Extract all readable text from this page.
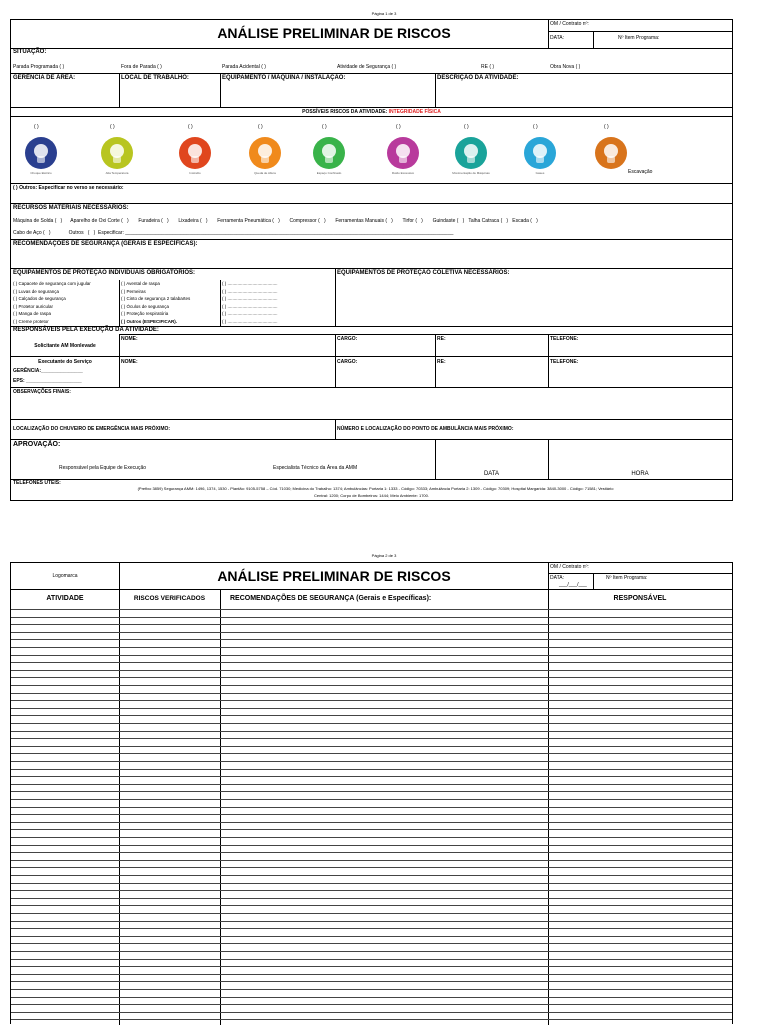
Página 1 de 3
ANÁLISE PRELIMINAR DE RISCOS
OM / Contrato nº:
DATA:	Nº Item Programa:
SITUAÇÃO:
Parada Programada ( )	Fora de Parada ( )	Parada Acidental ( )	Atividade de Segurança ( )	RE ( )	Obra Nova ( )
GERÊNCIA DE ÁREA:	LOCAL DE TRABALHO:	EQUIPAMENTO / MÁQUINA / INSTALAÇÃO:	DESCRIÇÃO DA ATIVIDADE:
POSSÍVEIS RISCOS DA ATIVIDADE: INTEGRIDADE FÍSICA
( )
Choque Elétrico
( )
Alta Temperatura
( )
Incêndio
( )
Queda de Altura
( )
Espaço Confinado
( )
Ruído Excessivo
( )
Movimentação de Máquinas
( )
Gases
( )
Escavação
( ) Outros: Especificar no verso se necessário:
RECURSOS MATERIAIS NECESSÁRIOS:
Máquina de Solda (   )      Aparelho de Oxi Corte (   )       Furadeira (   )       Lixadeira (   )       Ferramenta Pneumática (   )       Compressor (   )       Ferramentas Manuais (   )       Tirfor (   )       Guindaste (   )   Talha Catraca (   )   Escada (   )
Cabo de Aço (   )             Outros   (   )  Especificar: ______________________________________________________________________________________________________________________
RECOMENDAÇÕES DE SEGURANÇA (GERAIS E ESPECÍFICAS):
EQUIPAMENTOS DE PROTEÇÃO INDIVIDUAIS OBRIGATÓRIOS:	EQUIPAMENTOS DE PROTEÇÃO COLETIVA NECESSÁRIOS:
( ) Capacete de segurança com jugular
( ) Luvas de segurança
( ) Calçados de segurança
( ) Protetor auricular
( ) Manga de raspa
( ) Creme protetor
( ) Avental de raspa
( ) Perneiras
( ) Cinto de segurança 2 talabartes
( ) Óculos de segurança
( ) Proteção respiratória
( ) Outros (ESPECIFICAR).
( ) ........................................
( ) ........................................
( ) ........................................
( ) ........................................
( ) ........................................
( ) ........................................
RESPONSÁVEIS PELA EXECUÇÃO DA ATIVIDADE:
Solicitante AM Monlevade
NOME:	CARGO:	RE:	TELEFONE:
Executante do Serviço	NOME:	CARGO:	RE:	TELEFONE:
GERÊNCIA:_______________
EPS: ____________________
OBSERVAÇÕES FINAIS:
LOCALIZAÇÃO DO CHUVEIRO DE EMERGÊNCIA MAIS PRÓXIMO:	NÚMERO E LOCALIZAÇÃO DO PONTO DE AMBULÂNCIA MAIS PRÓXIMO:
APROVAÇÃO:
Responsável pela Equipe de Execução	Especialista Técnico da Área da AMM
DATA	HORA
TELEFONES ÚTEIS:
(Prefixo 3859) Segurança AMM: 1496, 1374, 1530 - Plantão: 9105-5758 – Cód. 71030; Medicina do Trabalho: 1374; Ambulâncias: Portaria 1: 1333 - Código: 70333; Ambulância Portaria 2: 1309 - Código: 70309; Hospital Margarida: 3840-3000 - Código: 71581; Vestiário
Central: 1200; Corpo de Bombeiros: 1444; Meio Ambiente: 1700.
Página 2 de 3
Logomarca	ANÁLISE PRELIMINAR DE RISCOS
OM / Contrato nº:
DATA:
___/___/___
Nº Item Programa:
ATIVIDADE	RISCOS VERIFICADOS	RECOMENDAÇÕES DE SEGURANÇA (Gerais e Específicas):	RESPONSÁVEL
